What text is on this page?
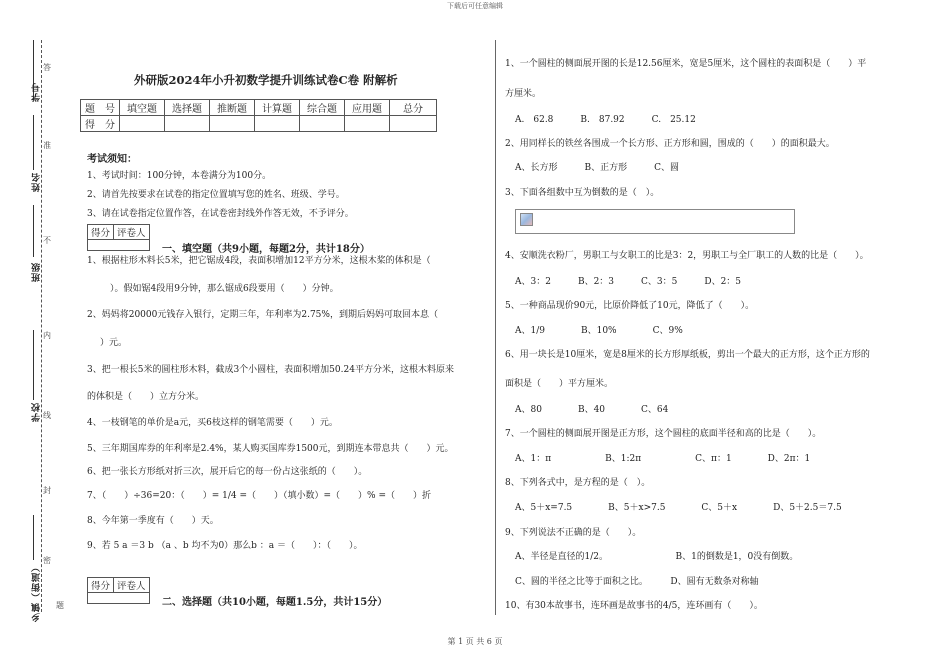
下载后可任意编辑
学号
姓名
班级
学校
乡镇（街道）
答
准
不
内
线
封
密
题
外研版2024年小升初数学提升训练试卷C卷 附解析
题　号	填空题	选择题	推断题	计算题	综合题	应用题	总分
得　分							
考试须知：
1、考试时间：100分钟，本卷满分为100分。
2、请首先按要求在试卷的指定位置填写您的姓名、班级、学号。
3、请在试卷指定位置作答，在试卷密封线外作答无效，不予评分。
得分 评卷人
一、填空题（共9小题，每题2分，共计18分）
1、根据柱形木料长5米，把它锯成4段，表面积增加12平方分米，这根木桨的体积是（
）。假如锯4段用9分钟，那么锯成6段要用（　　）分钟。
2、妈妈将20000元钱存入银行，定期三年，年利率为2.75%，到期后妈妈可取回本息（
）元。
3、把一根长5米的圆柱形木料，截成3个小圆柱，表面积增加50.24平方分米，这根木料原来
的体积是（　　）立方分米。
4、一枝钢笔的单价是a元，买6枝这样的钢笔需要（　　）元。
5、三年期国库券的年利率是2.4%，某人购买国库券1500元，到期连本带息共（　　）元。
6、把一张长方形纸对折三次，展开后它的每一份占这张纸的（　　）。
7、（　　）÷36=20：（　　）= 1/4 =（　　）（填小数）=（　　）% =（　　）折
8、今年第一季度有（　　）天。
9、若 5 a ＝3 b （a 、b 均不为0）那么b ：a ＝（　　）：（　　）。
得分 评卷人
二、选择题（共10小题，每题1.5分，共计15分）
1、一个圆柱的侧面展开图的长是12.56厘米，宽是5厘米，这个圆柱的表面积是（　　）平
方厘米。
A.　62.8　　　B.　87.92　　　C.　25.12
2、用同样长的铁丝各围成一个长方形、正方形和圆，围成的（　　）的面积最大。
A、长方形　　　B、正方形　　　C、圆
3、下面各组数中互为倒数的是（　）。
4、安顺洗衣粉厂，男职工与女职工的比是3：2，男职工与全厂职工的人数的比是（　　）。
A、3：2　　　B、2：3　　　C、3：5　　　D、2：5
5、一种商品现价90元，比原价降低了10元，降低了（　　）。
A、1/9　　　　B、10%　　　　C、9%
6、用一块长是10厘米，宽是8厘米的长方形厚纸板，剪出一个最大的正方形，这个正方形的
面积是（　　）平方厘米。
A、80　　　　B、40　　　　C、64
7、一个圆柱的侧面展开图是正方形，这个圆柱的底面半径和高的比是（　　）。
A、1：π　　　　　　B、1:2π　　　　　　C、π：1　　　　D、2π：1
8、下列各式中，是方程的是（　）。
A、5＋x=7.5　　　　B、5＋x>7.5　　　　C、5＋x　　　　D、5＋2.5＝7.5
9、下列说法不正确的是（　　）。
A、半径是直径的1/2。　　　　　　　　B、1的倒数是1，0没有倒数。
C、圆的半径之比等于面积之比。　　　D、圆有无数条对称轴
10、有30本故事书，连环画是故事书的4/5，连环画有（　　）。
第 1 页 共 6 页
